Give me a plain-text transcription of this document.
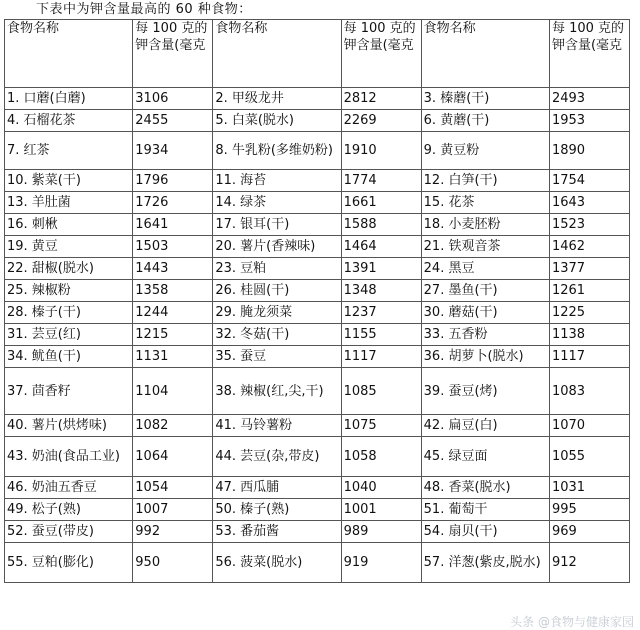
下表中为钾含量最高的 60 种食物：
食物名称	每 100 克的钾含量(毫克	食物名称	每 100 克的钾含量(毫克	食物名称	每 100 克的钾含量(毫克
1. 口蘑(白蘑)	3106	2. 甲级龙井	2812	3. 榛蘑(干)	2493
4. 石榴花茶	2455	5. 白菜(脱水)	2269	6. 黄蘑(干)	1953
7. 红茶	1934	8. 牛乳粉(多维奶粉)	1910	9. 黄豆粉	1890
10. 紫菜(干)	1796	11. 海苔	1774	12. 白笋(干)	1754
13. 羊肚菌	1726	14. 绿茶	1661	15. 花茶	1643
16. 刺楸	1641	17. 银耳(干)	1588	18. 小麦胚粉	1523
19. 黄豆	1503	20. 薯片(香辣味)	1464	21. 铁观音茶	1462
22. 甜椒(脱水)	1443	23. 豆粕	1391	24. 黑豆	1377
25. 辣椒粉	1358	26. 桂圆(干)	1348	27. 墨鱼(干)	1261
28. 榛子(干)	1244	29. 腌龙须菜	1237	30. 蘑菇(干)	1225
31. 芸豆(红)	1215	32. 冬菇(干)	1155	33. 五香粉	1138
34. 鱿鱼(干)	1131	35. 蚕豆	1117	36. 胡萝卜(脱水)	1117
37. 茴香籽	1104	38. 辣椒(红,尖,干)	1085	39. 蚕豆(烤)	1083
40. 薯片(烘烤味)	1082	41. 马铃薯粉	1075	42. 扁豆(白)	1070
43. 奶油(食品工业)	1064	44. 芸豆(杂,带皮)	1058	45. 绿豆面	1055
46. 奶油五香豆	1054	47. 西瓜脯	1040	48. 香菜(脱水)	1031
49. 松子(熟)	1007	50. 榛子(熟)	1001	51. 葡萄干	995
52. 蚕豆(带皮)	992	53. 番茄酱	989	54. 扇贝(干)	969
55. 豆粕(膨化)	950	56. 菠菜(脱水)	919	57. 洋葱(紫皮,脱水)	912
头条 @食物与健康家园
